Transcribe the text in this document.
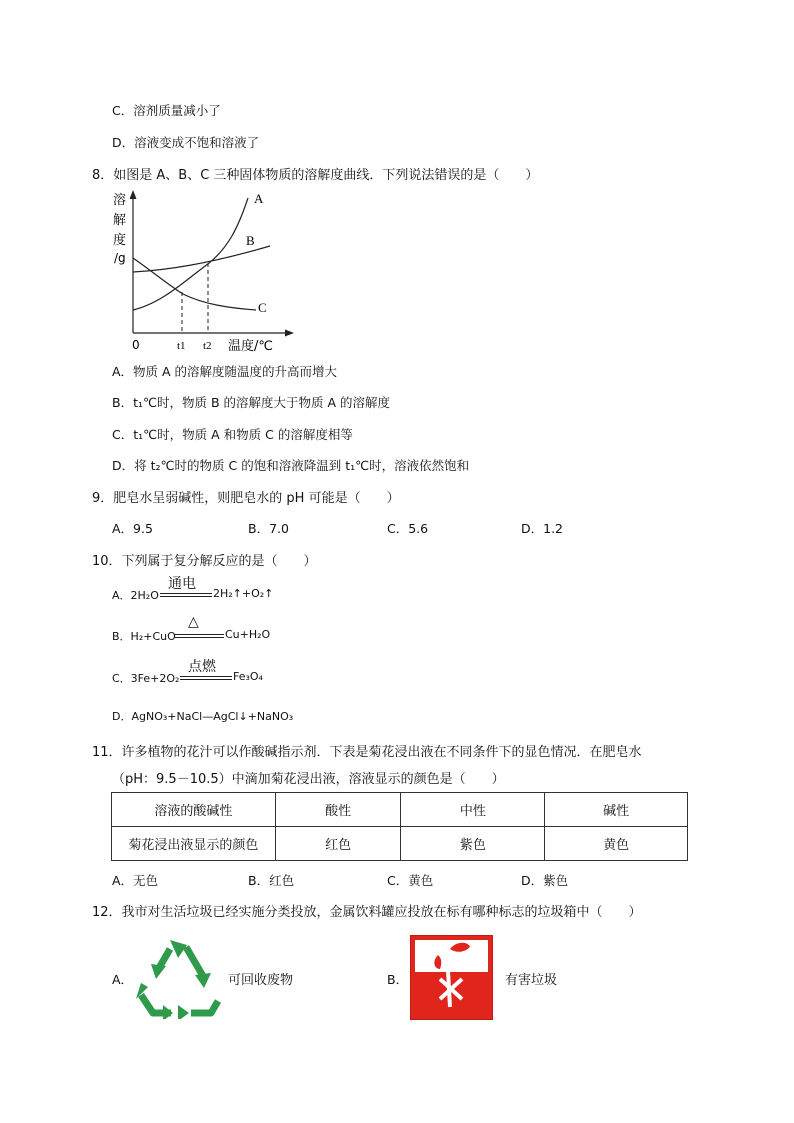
C．溶剂质量减小了
D．溶液变成不饱和溶液了
8．如图是 A、B、C 三种固体物质的溶解度曲线．下列说法错误的是（　　）
溶
解
度
/g
A
B
C
0	t1 t2 温度/℃
A．物质 A 的溶解度随温度的升高而增大
B．t₁℃时，物质 B 的溶解度大于物质 A 的溶解度
C．t₁℃时，物质 A 和物质 C 的溶解度相等
D．将 t₂℃时的物质 C 的饱和溶液降温到 t₁℃时，溶液依然饱和
9．肥皂水呈弱碱性，则肥皂水的 pH 可能是（　　）
A．9.5	B．7.0	C．5.6	D．1.2
10．下列属于复分解反应的是（　　）
A．2H₂O
通电
2H₂↑+O₂↑
B．H₂+CuO
△
Cu+H₂O
C．3Fe+2O₂
点燃
Fe₃O₄
D．AgNO₃+NaCl—AgCl↓+NaNO₃
11．许多植物的花汁可以作酸碱指示剂．下表是菊花浸出液在不同条件下的显色情况．在肥皂水
（pH：9.5－10.5）中滴加菊花浸出液，溶液显示的颜色是（　　）
溶液的酸碱性	酸性	中性	碱性
菊花浸出液显示的颜色	红色	紫色	黄色
A．无色	B．红色	C．黄色	D．紫色
12．我市对生活垃圾已经实施分类投放，金属饮料罐应投放在标有哪种标志的垃圾箱中（　　）
A．	可回收废物	B．	有害垃圾
